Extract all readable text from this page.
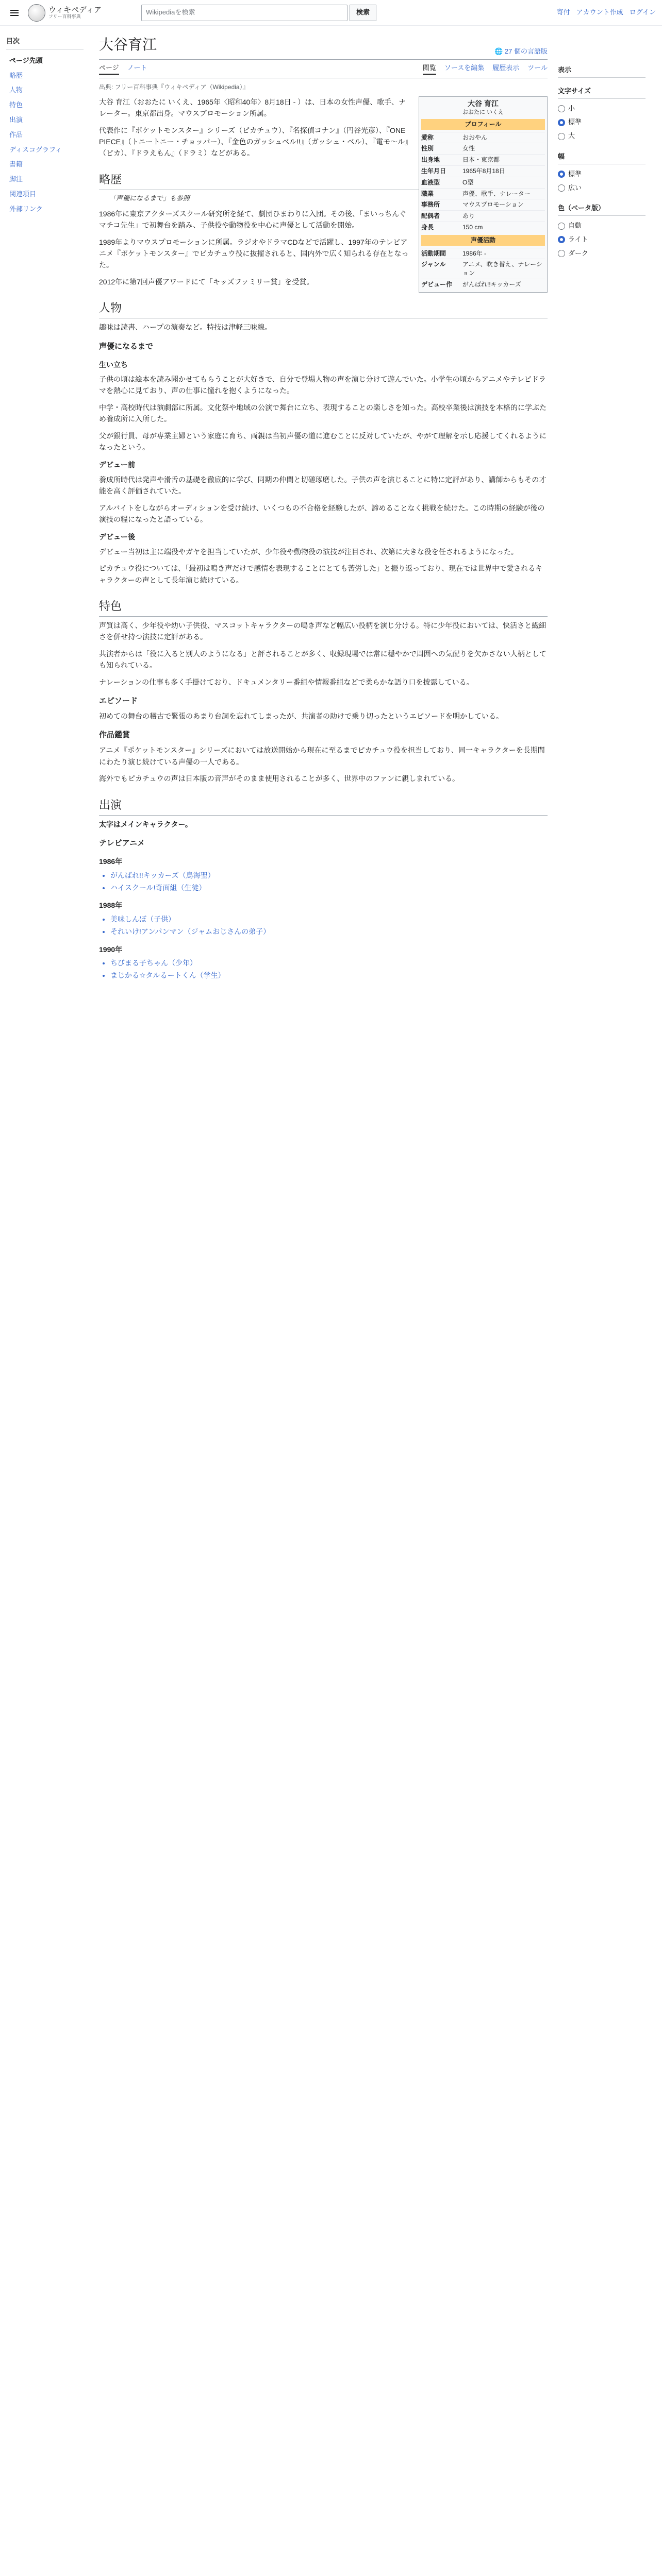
ウィキペディア
フリー百科事典
Wikipediaを検索	検索	寄付 アカウント作成 ログイン
目次
ページ先頭
略歴
人物
特色
出演
作品
ディスコグラフィ
書籍
脚注
関連項目
外部リンク
大谷育江	🌐 27 個の言語版
ページ ノート	閲覧 ソースを編集 履歴表示 ツール
出典: フリー百科事典『ウィキペディア（Wikipedia）』
大谷 育江
おおたに いくえ
プロフィール
愛称	おおやん
性別	女性
出身地	日本・東京都
生年月日	1965年8月18日
血液型	O型
職業	声優、歌手、ナレーター
事務所	マウスプロモーション
配偶者	あり
身長	150 cm
声優活動
活動期間	1986年 -
ジャンル	アニメ、吹き替え、ナレーション
デビュー作	がんばれ!!キッカーズ

大谷 育江（おおたに いくえ、1965年〈昭和40年〉8月18日 - ）は、日本の女性声優、歌手、ナレーター。東京都出身。マウスプロモーション所属。

代表作に『ポケットモンスター』シリーズ（ピカチュウ）、『名探偵コナン』（円谷光彦）、『ONE PIECE』（トニートニー・チョッパー）、『金色のガッシュベル!!』（ガッシュ・ベル）、『電モ〜ル』（ピカ）、『ドラえもん』（ドラミ）などがある。

略歴
「声優になるまで」も参照

1986年に東京アクターズスクール研究所を経て、劇団ひまわりに入団。その後、「まいっちんぐマチコ先生」で初舞台を踏み、子供役や動物役を中心に声優として活動を開始。

1989年よりマウスプロモーションに所属。ラジオやドラマCDなどで活躍し、1997年のテレビアニメ『ポケットモンスター』でピカチュウ役に抜擢されると、国内外で広く知られる存在となった。

2012年に第7回声優アワードにて「キッズファミリー賞」を受賞。

人物

趣味は読書、ハープの演奏など。特技は津軽三味線。

声優になるまで
生い立ち

子供の頃は絵本を読み聞かせてもらうことが大好きで、自分で登場人物の声を演じ分けて遊んでいた。小学生の頃からアニメやテレビドラマを熱心に見ており、声の仕事に憧れを抱くようになった。

中学・高校時代は演劇部に所属。文化祭や地域の公演で舞台に立ち、表現することの楽しさを知った。高校卒業後は演技を本格的に学ぶため養成所に入所した。

父が銀行員、母が専業主婦という家庭に育ち、両親は当初声優の道に進むことに反対していたが、やがて理解を示し応援してくれるようになったという。

デビュー前

養成所時代は発声や滑舌の基礎を徹底的に学び、同期の仲間と切磋琢磨した。子供の声を演じることに特に定評があり、講師からもその才能を高く評価されていた。

アルバイトをしながらオーディションを受け続け、いくつもの不合格を経験したが、諦めることなく挑戦を続けた。この時期の経験が後の演技の糧になったと語っている。

デビュー後

デビュー当初は主に端役やガヤを担当していたが、少年役や動物役の演技が注目され、次第に大きな役を任されるようになった。

ピカチュウ役については、「最初は鳴き声だけで感情を表現することにとても苦労した」と振り返っており、現在では世界中で愛されるキャラクターの声として長年演じ続けている。

特色

声質は高く、少年役や幼い子供役、マスコットキャラクターの鳴き声など幅広い役柄を演じ分ける。特に少年役においては、快活さと繊細さを併せ持つ演技に定評がある。

共演者からは「役に入ると別人のようになる」と評されることが多く、収録現場では常に穏やかで周囲への気配りを欠かさない人柄としても知られている。

ナレーションの仕事も多く手掛けており、ドキュメンタリー番組や情報番組などで柔らかな語り口を披露している。

エピソード

初めての舞台の稽古で緊張のあまり台詞を忘れてしまったが、共演者の助けで乗り切ったというエピソードを明かしている。

作品鑑賞

アニメ『ポケットモンスター』シリーズにおいては放送開始から現在に至るまでピカチュウ役を担当しており、同一キャラクターを長期間にわたり演じ続けている声優の一人である。

海外でもピカチュウの声は日本版の音声がそのまま使用されることが多く、世界中のファンに親しまれている。

出演

太字はメインキャラクター。

テレビアニメ
1986年
• がんばれ!!キッカーズ（鳥海聖）
• ハイスクール!奇面組（生徒）
1988年
• 美味しんぼ（子供）
• それいけ!アンパンマン（ジャムおじさんの弟子）
1990年
• ちびまる子ちゃん（少年）
• まじかる☆タルるートくん（学生）
表示
文字サイズ
小
標準
大
幅
標準
広い
色（ベータ版）
自動
ライト
ダーク
